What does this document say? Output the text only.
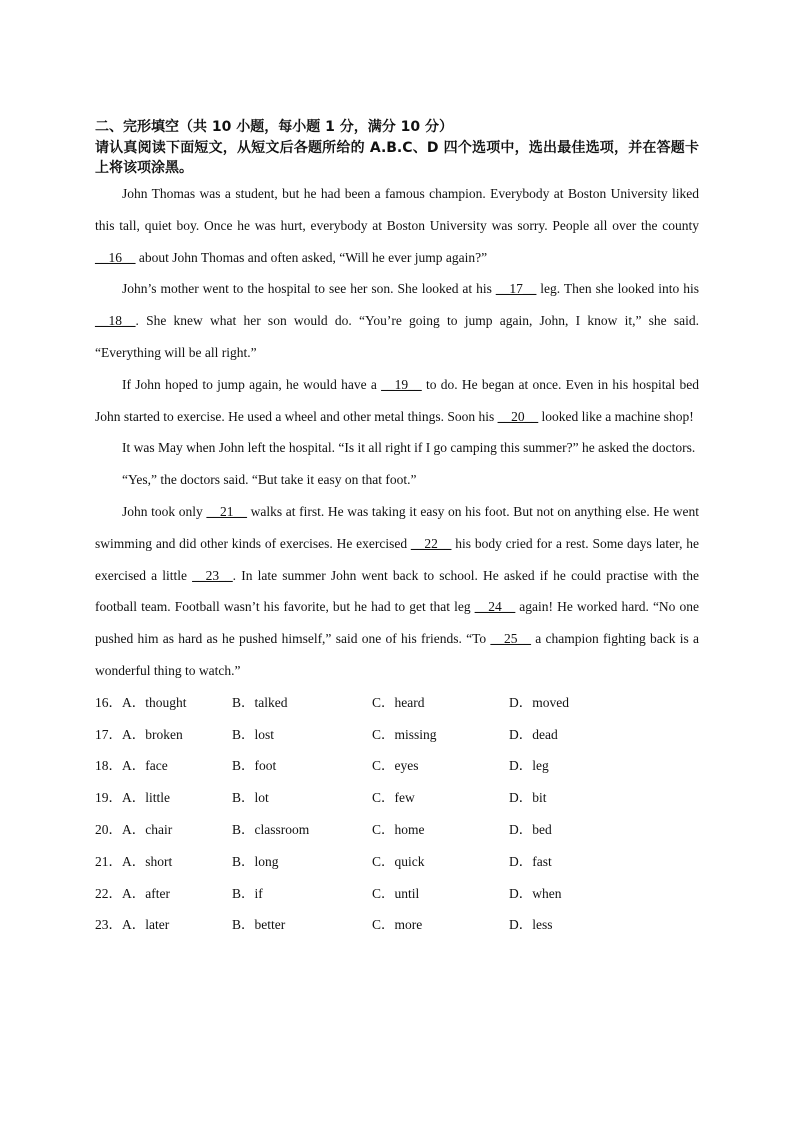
二、完形填空（共 10 小题，每小题 1 分，满分 10 分）
请认真阅读下面短文，从短文后各题所给的 A.B.C、D 四个选项中，选出最佳选项，并在答题卡上将该项涂黑。

John Thomas was a student, but he had been a famous champion. Everybody at Boston University liked this tall, quiet boy. Once he was hurt, everybody at Boston University was sorry. People all over the county __16__ about John Thomas and often asked, “Will he ever jump again?”

John’s mother went to the hospital to see her son. She looked at his __17__ leg. Then she looked into his __18__. She knew what her son would do. “You’re going to jump again, John, I know it,” she said. “Everything will be all right.”

If John hoped to jump again, he would have a __19__ to do. He began at once. Even in his hospital bed John started to exercise. He used a wheel and other metal things. Soon his __20__ looked like a machine shop!

It was May when John left the hospital. “Is it all right if I go camping this summer?” he asked the doctors.

“Yes,” the doctors said. “But take it easy on that foot.”

John took only __21__ walks at first. He was taking it easy on his foot. But not on anything else. He went swimming and did other kinds of exercises. He exercised __22__ his body cried for a rest. Some days later, he exercised a little __23__. In late summer John went back to school. He asked if he could practise with the football team. Football wasn’t his favorite, but he had to get that leg __24__ again! He worked hard. “No one pushed him as hard as he pushed himself,” said one of his friends. “To __25__ a champion fighting back is a wonderful thing to watch.”

16．A．thought	B．talked	C．heard	D．moved
17．A．broken	B．lost	C．missing	D．dead
18．A．face	B．foot	C．eyes	D．leg
19．A．little	B．lot	C．few	D．bit
20．A．chair	B．classroom	C．home	D．bed
21．A．short	B．long	C．quick	D．fast
22．A．after	B．if	C．until	D．when
23．A．later	B．better	C．more	D．less
